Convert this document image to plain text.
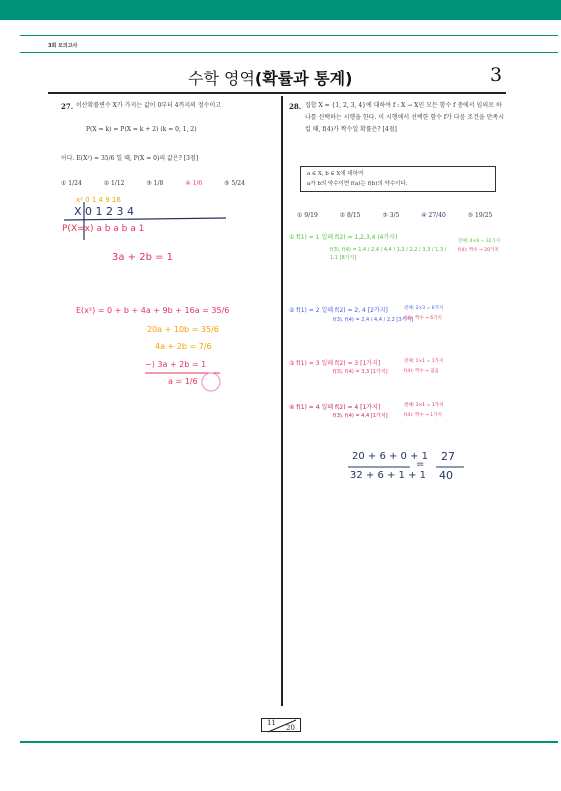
3회 모의고사
수학 영역(확률과 통계)	3
27. 이산확률변수 X가 가지는 값이 0부터 4까지의 정수이고
P(X = k) = P(X = k + 2) (k = 0, 1, 2)
이다. E(X²) = 35/6 일 때, P(X = 0)의 값은? [3점]
① 1/24	② 1/12	③ 1/8	④ 1/6	⑤ 5/24
x² 0 1 4 9 16
X 0 1 2 3 4
P(X=x) a b a b a 1
3a + 2b = 1
E(x²) = 0 + b + 4a + 9b + 16a = 35/6
20a + 10b = 35/6
4a + 2b = 7/6
−) 3a + 2b = 1
a = 1/6
28. 집합 X = {1, 2, 3, 4}에 대하여 f : X → X인 모든 함수 f 중에서 임의로 하나를 선택하는 시행을 한다. 이 시행에서 선택한 함수 f가 다음 조건을 만족시킬 때, f(4)가 짝수일 확률은? [4점]
a ∈ X, b ∈ X에 대하여
a가 b의 약수이면 f(a)는 f(b)의 약수이다.
① 9/19	② 8/15	③ 3/5	④ 27/40	⑤ 19/25
① f(1) = 1 일때 f(2) = 1,2,3,4 (4가지)
f(3), f(4) = 1,4 / 2,4 / 4,4 / 1,2 / 2,2 / 3,3 / 1,3 / 1,1 [8가지]
전체: 4×8 = 32가지
f(4): 짝수 → 20가지
② f(1) = 2 일때 f(2) = 2, 4 [2가지]
f(3), f(4) = 2,4 / 4,4 / 2,2 [3가지]
전체: 2×3 = 6가지
f(4): 짝수 → 6가지
③ f(1) = 3 일때 f(2) = 3 [1가지]
f(3), f(4) = 3,3 [1가지]
전체: 1×1 = 1가지
f(4): 짝수 → 없음
④ f(1) = 4 일때 f(2) = 4 [1가지]
f(3), f(4) = 4,4 [1가지]
전체: 1×1 = 1가지
f(4): 짝수 → 1가지
20 + 6 + 0 + 1
32 + 6 + 1 + 1
=
27
40
11
20
